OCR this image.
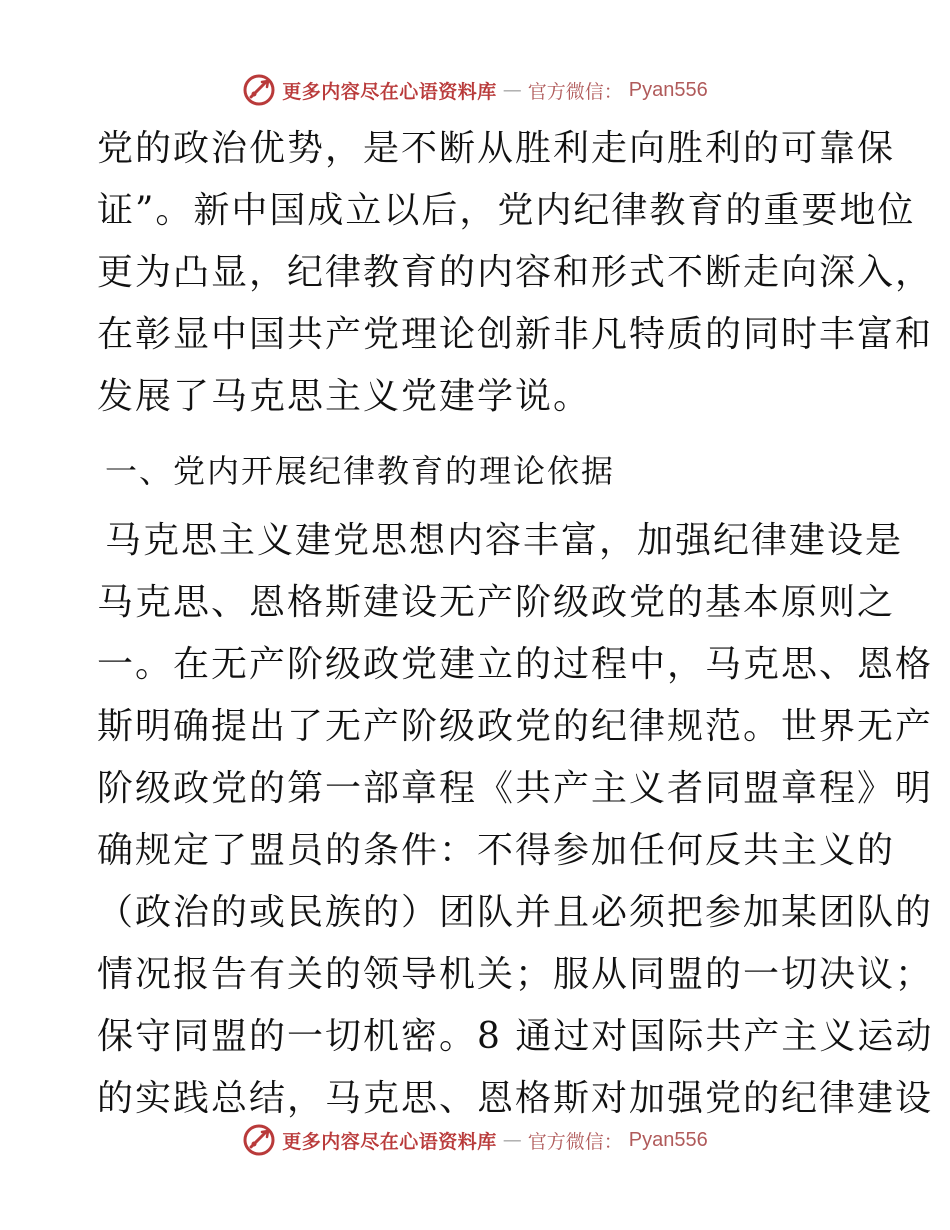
更多内容尽在心语资料库 — 官方微信： Pyan556
党的政治优势，是不断从胜利走向胜利的可靠保
证”。新中国成立以后，党内纪律教育的重要地位
更为凸显，纪律教育的内容和形式不断走向深入，
在彰显中国共产党理论创新非凡特质的同时丰富和
发展了马克思主义党建学说。
一、党内开展纪律教育的理论依据
马克思主义建党思想内容丰富，加强纪律建设是
马克思、恩格斯建设无产阶级政党的基本原则之
一。在无产阶级政党建立的过程中，马克思、恩格
斯明确提出了无产阶级政党的纪律规范。世界无产
阶级政党的第一部章程《共产主义者同盟章程》明
确规定了盟员的条件：不得参加任何反共主义的
（政治的或民族的）团队并且必须把参加某团队的
情况报告有关的领导机关；服从同盟的一切决议；
保守同盟的一切机密。8 通过对国际共产主义运动
的实践总结，马克思、恩格斯对加强党的纪律建设
更多内容尽在心语资料库 — 官方微信： Pyan556
